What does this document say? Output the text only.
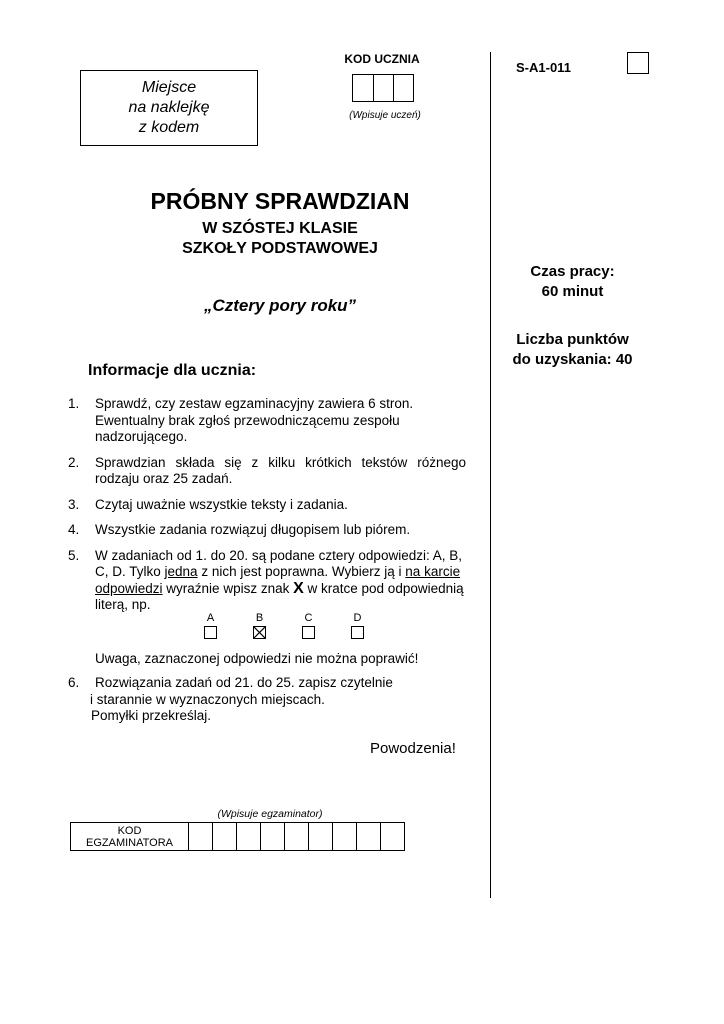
Miejsce
na naklejkę
z kodem
KOD UCZNIA
(Wpisuje uczeń)
S-A1-011
Czas pracy:
60 minut
Liczba punktów
do uzyskania: 40
PRÓBNY SPRAWDZIAN
W SZÓSTEJ KLASIE
SZKOŁY PODSTAWOWEJ
„Cztery pory roku”
Informacje dla ucznia:
1. Sprawdź, czy zestaw egzaminacyjny zawiera 6 stron. Ewentualny brak zgłoś przewodniczącemu zespołu nadzorującego.
2. Sprawdzian składa się z kilku krótkich tekstów różnego rodzaju oraz 25 zadań.
3. Czytaj uważnie wszystkie teksty i zadania.
4. Wszystkie zadania rozwiązuj długopisem lub piórem.
5. W zadaniach od 1. do 20. są podane cztery odpowiedzi: A, B, C, D. Tylko jedna z nich jest poprawna. Wybierz ją i na karcie odpowiedzi wyraźnie wpisz znak X w kratce pod odpowiednią literą, np.
A	B	C	D
Uwaga, zaznaczonej odpowiedzi nie można poprawić!
6.	Rozwiązania zadań od 21. do 25. zapisz czytelnie
i starannie w wyznaczonych miejscach.
Pomyłki przekreślaj.
Powodzenia!
(Wpisuje egzaminator)
KOD
EGZAMINATORA
